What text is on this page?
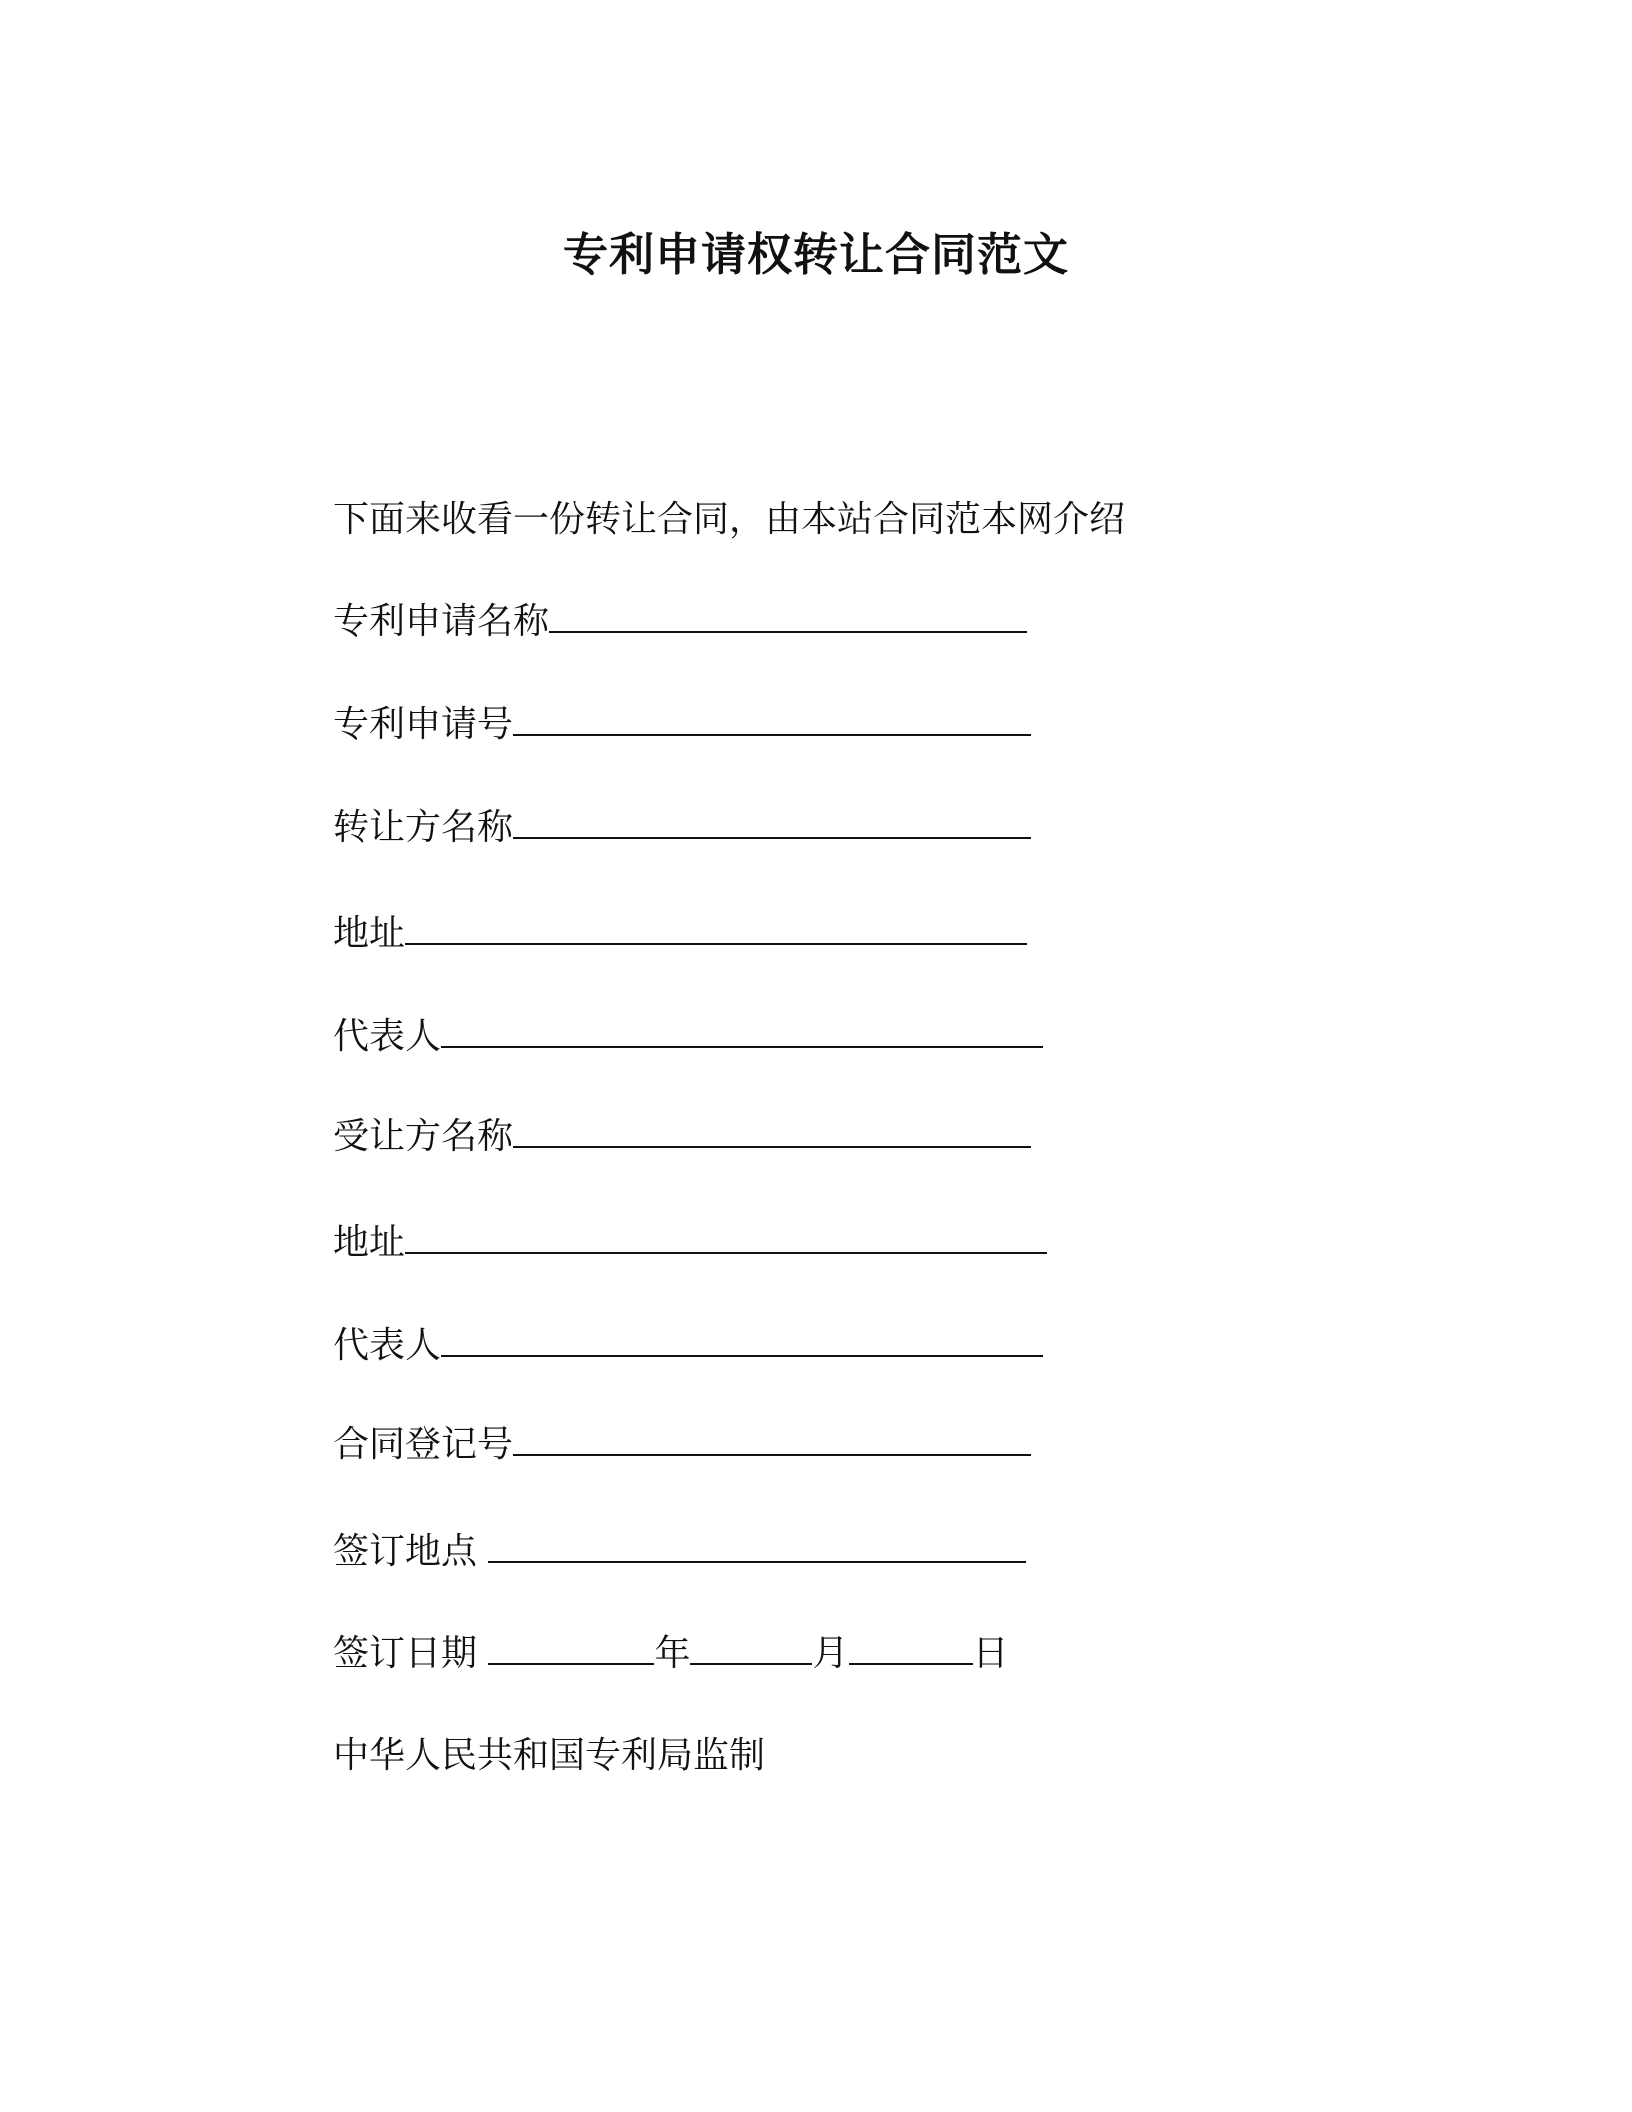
专利申请权转让合同范文

下面来收看一份转让合同，由本站合同范本网介绍

专利申请名称

专利申请号

转让方名称

地址

代表人

受让方名称

地址

代表人

合同登记号

签订地点

签订日期	年	月	日

中华人民共和国专利局监制
